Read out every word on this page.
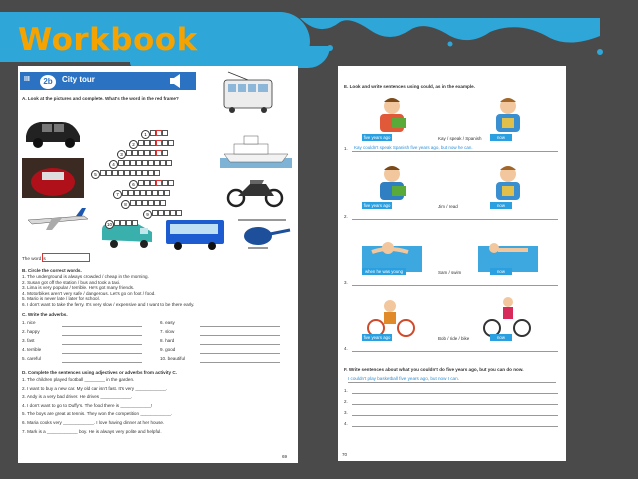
Workbook
III	2b	City tour
A. Look at the pictures and complete. What's the word in the red frame?
1
2
3
4
5
6
7
8
9
10
The word is
B. Circle the correct words.
1. The underground is always crowded / cheap in the morning.
2. Susan got off the station / bus and took a taxi.
3. Lima is very popular / terrible. He's got many friends.
4. Motorbikes aren't very safe / dangerous. Let's go on foot / food.
5. Mario is never late / later for school.
6. I don't want to take the ferry. It's very slow / expensive and I want to be there early.
C. Write the adverbs.
1. nice
2. happy
3. fast
4. terrible
5. careful
6. easy
7. slow
8. hard
9. good
10. beautiful
D. Complete the sentences using adjectives or adverbs from activity C.
1. The children played football ________ in the garden.
2. I want to buy a new car. My old car isn't fast. It's very ____________.
3. Andy is a very bad driver. He drives ____________.
4. I don't want to go to Duffy's. The food there is ____________!
5. The boys are great at tennis. They won the competition ____________.
6. Maria cooks very ____________. I love having dinner at her house.
7. Mark is a ____________ boy. He is always very polite and helpful.
69
E. Look and write sentences using could, as in the example.
five years ago	Kay / speak / Spanish	now
1. Kay couldn't speak Spanish five years ago, but now he can.
five years ago	Jim / read	now
2.
when he was young	Sam / swim	now
3.
five years ago	Bob / ride / bike	now
4.
F. Write sentences about what you couldn't do five years ago, but you can do now.
I couldn't play basketball five years ago, but now I can.
1.
2.
3.
4.
70
